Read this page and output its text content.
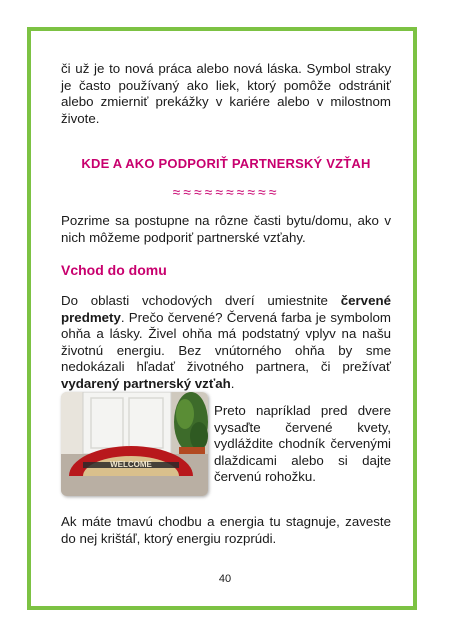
či už je to nová práca alebo nová láska. Symbol straky je často používaný ako liek, ktorý pomôže odstrániť alebo zmierniť prekážky v kariére alebo v milostnom živote.

KDE A AKO PODPORIŤ PARTNERSKÝ VZŤAH
≈≈≈≈≈≈≈≈≈≈

Pozrime sa postupne na rôzne časti bytu/domu, ako v nich môžeme podporiť partnerské vzťahy.

Vchod do domu

Do oblasti vchodových dverí umiestnite červené predmety. Prečo červené? Červená farba je symbolom ohňa a lásky. Živel ohňa má podstatný vplyv na našu životnú energiu. Bez vnútorného ohňa by sme nedokázali hľadať životného partnera, či prežívať vydarený partnerský vzťah.

WELCOME

Preto napríklad pred dvere vysaďte červené kvety, vydláždite chodník červenými dlaždicami alebo si dajte červenú rohožku.

Ak máte tmavú chodbu a energia tu stagnuje, zaveste do nej krištáľ, ktorý energiu rozprúdi.

40
